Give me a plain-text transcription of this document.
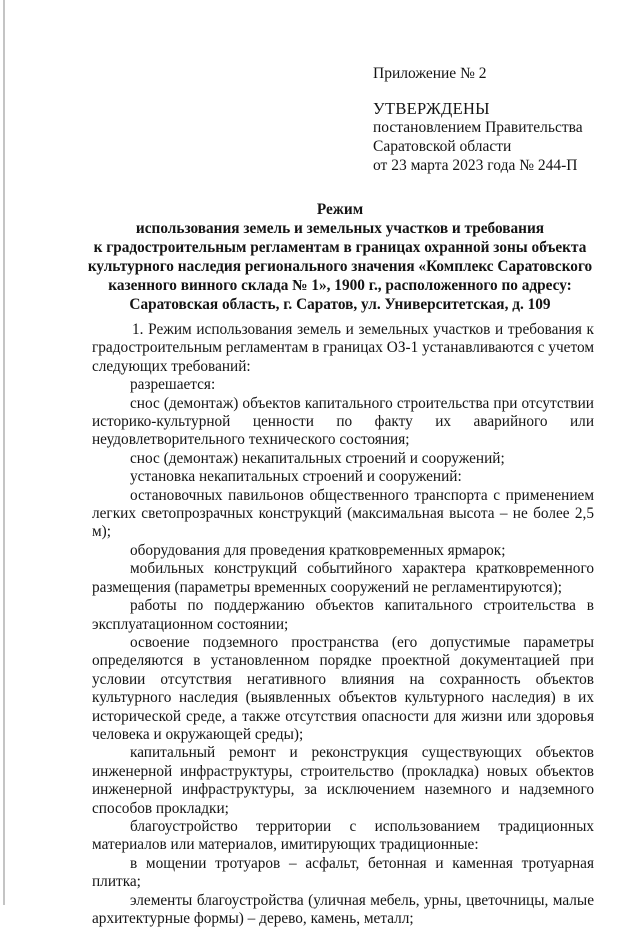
Приложение № 2
УТВЕРЖДЕНЫ
постановлением Правительства
Саратовской области
от 23 марта 2023 года № 244-П
Режим
использования земель и земельных участков и требования
к градостроительным регламентам в границах охранной зоны объекта
культурного наследия регионального значения «Комплекс Саратовского
казенного винного склада № 1», 1900 г., расположенного по адресу:
Саратовская область, г. Саратов, ул. Университетская, д. 109

1. Режим использования земель и земельных участков и требования к градостроительным регламентам в границах ОЗ-1 устанавливаются с учетом следующих требований:

разрешается:

снос (демонтаж) объектов капитального строительства при отсутствии историко-культурной ценности по факту их аварийного или неудовлетворительного технического состояния;

снос (демонтаж) некапитальных строений и сооружений;

установка некапитальных строений и сооружений:

остановочных павильонов общественного транспорта с применением легких светопрозрачных конструкций (максимальная высота – не более 2,5 м);

оборудования для проведения кратковременных ярмарок;

мобильных конструкций событийного характера кратковременного размещения (параметры временных сооружений не регламентируются);

работы по поддержанию объектов капитального строительства в эксплуатационном состоянии;

освоение подземного пространства (его допустимые параметры определяются в установленном порядке проектной документацией при условии отсутствия негативного влияния на сохранность объектов культурного наследия (выявленных объектов культурного наследия) в их исторической среде, а также отсутствия опасности для жизни или здоровья человека и окружающей среды);

капитальный ремонт и реконструкция существующих объектов инженерной инфраструктуры, строительство (прокладка) новых объектов инженерной инфраструктуры, за исключением наземного и надземного способов прокладки;

благоустройство территории с использованием традиционных материалов или материалов, имитирующих традиционные:

в мощении тротуаров – асфальт, бетонная и каменная тротуарная плитка;

элементы благоустройства (уличная мебель, урны, цветочницы, малые архитектурные формы) – дерево, камень, металл;
